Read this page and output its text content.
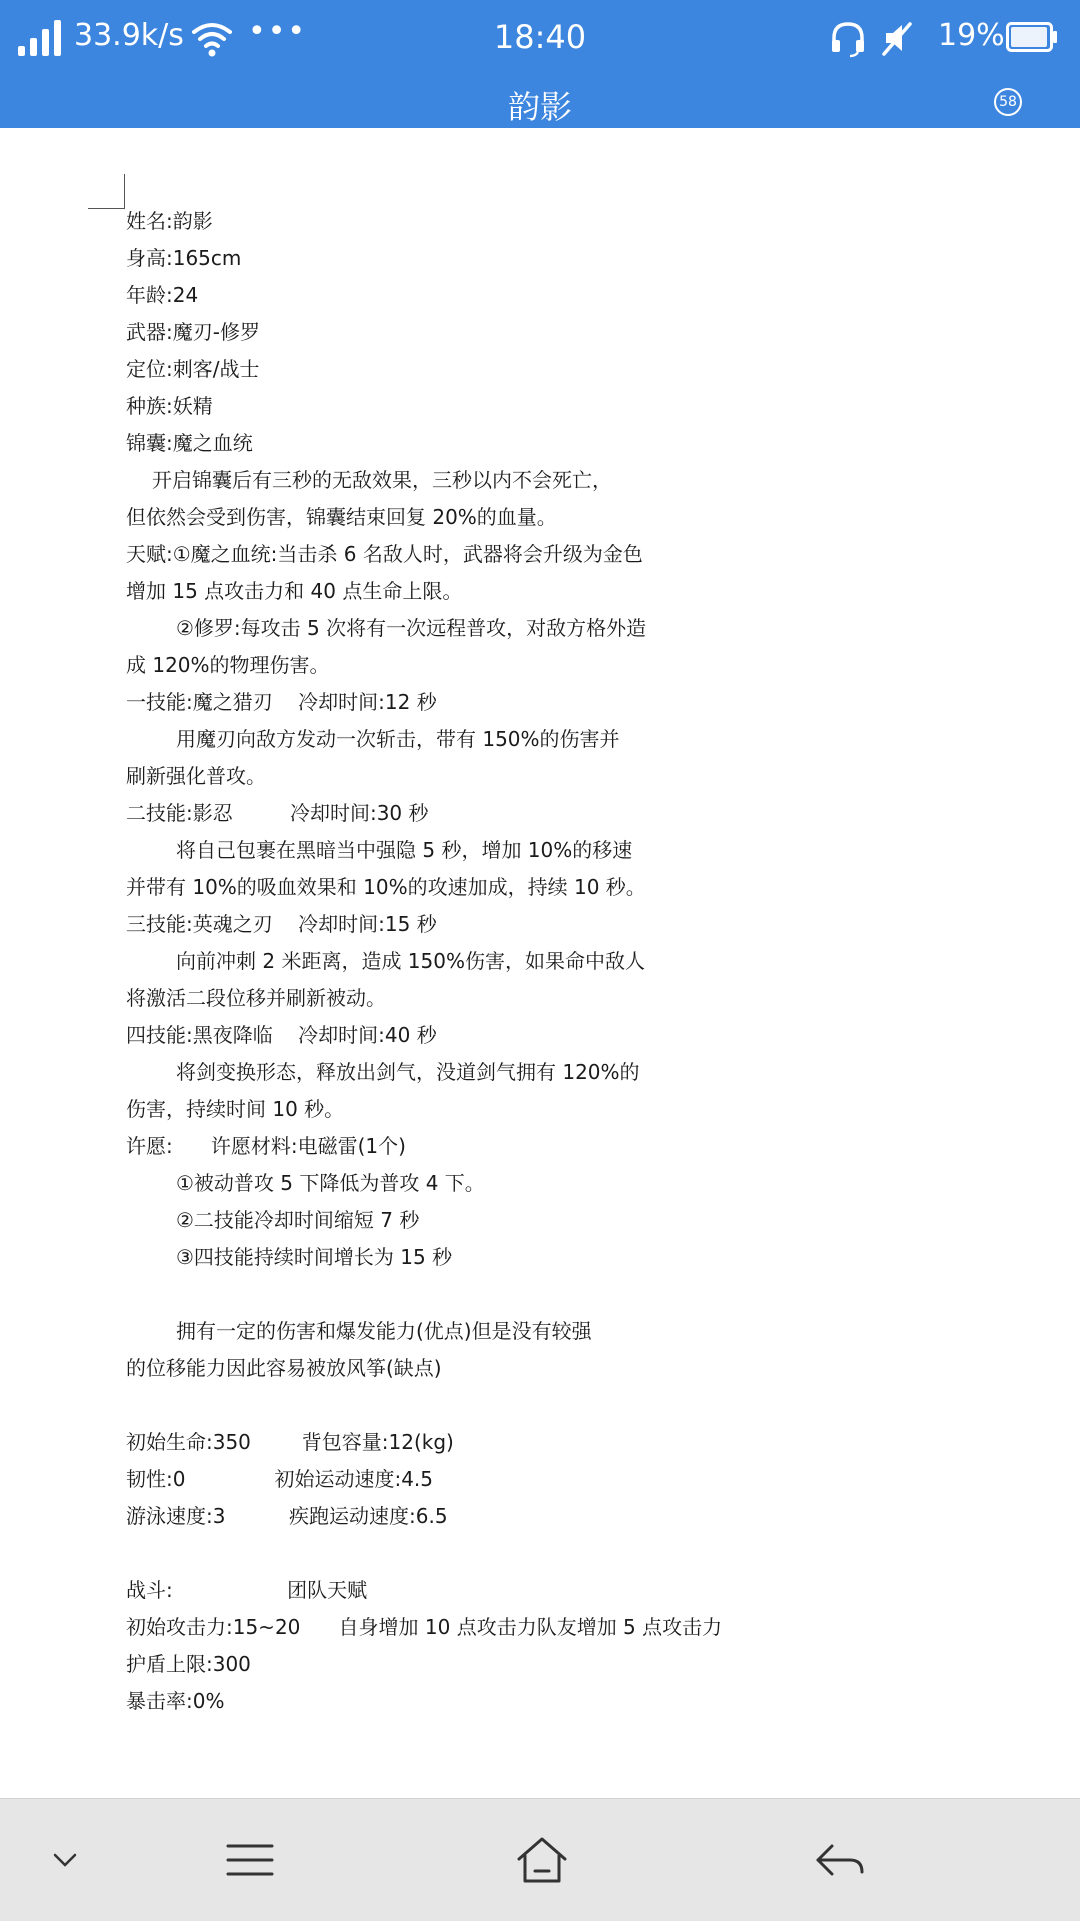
33.9k/s •••	18:40	19%
韵影	58
姓名:韵影
身高:165cm
年龄:24
武器:魔刃-修罗
定位:刺客/战士
种族:妖精
锦囊:魔之血统
开启锦囊后有三秒的无敌效果，三秒以内不会死亡，
但依然会受到伤害，锦囊结束回复 20%的血量。
天赋:①魔之血统:当击杀 6 名敌人时，武器将会升级为金色
增加 15 点攻击力和 40 点生命上限。
②修罗:每攻击 5 次将有一次远程普攻，对敌方格外造
成 120%的物理伤害。
一技能:魔之猎刃    冷却时间:12 秒
用魔刃向敌方发动一次斩击，带有 150%的伤害并
刷新强化普攻。
二技能:影忍         冷却时间:30 秒
将自己包裹在黑暗当中强隐 5 秒，增加 10%的移速
并带有 10%的吸血效果和 10%的攻速加成，持续 10 秒。
三技能:英魂之刃    冷却时间:15 秒
向前冲刺 2 米距离，造成 150%伤害，如果命中敌人
将激活二段位移并刷新被动。
四技能:黑夜降临    冷却时间:40 秒
将剑变换形态，释放出剑气，没道剑气拥有 120%的
伤害，持续时间 10 秒。
许愿:      许愿材料:电磁雷(1个)
①被动普攻 5 下降低为普攻 4 下。
②二技能冷却时间缩短 7 秒
③四技能持续时间增长为 15 秒
拥有一定的伤害和爆发能力(优点)但是没有较强
的位移能力因此容易被放风筝(缺点)
初始生命:350        背包容量:12(kg)
韧性:0              初始运动速度:4.5
游泳速度:3          疾跑运动速度:6.5
战斗:                  团队天赋
初始攻击力:15~20      自身增加 10 点攻击力队友增加 5 点攻击力
护盾上限:300
暴击率:0%
